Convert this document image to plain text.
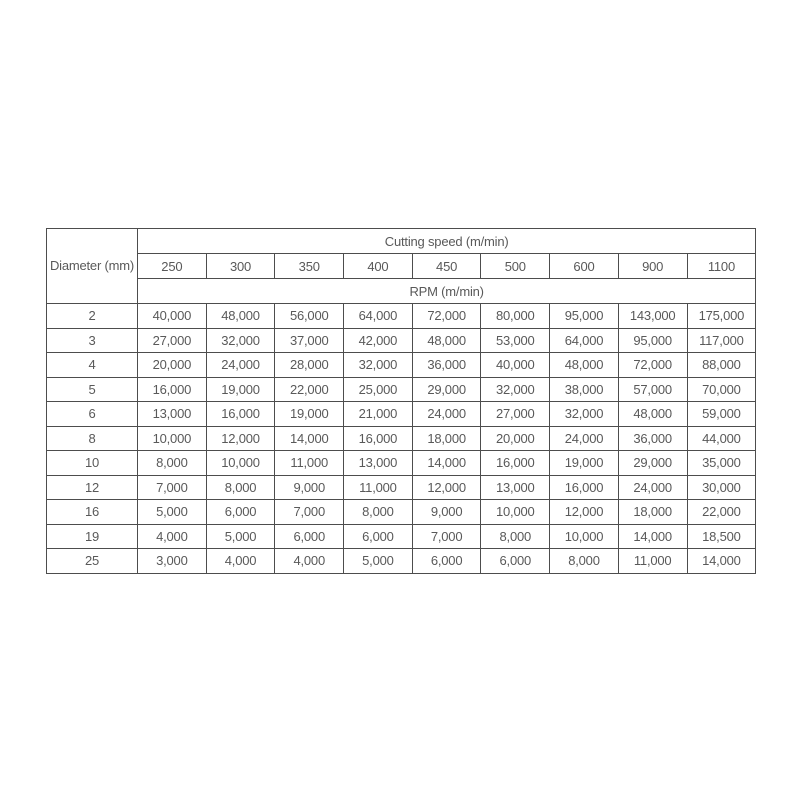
Diameter (mm)	Cutting speed (m/min)								
	250	300	350	400	450	500	600	900	1100
	RPM (m/min)								
2	40,000	48,000	56,000	64,000	72,000	80,000	95,000	143,000	175,000
3	27,000	32,000	37,000	42,000	48,000	53,000	64,000	95,000	117,000
4	20,000	24,000	28,000	32,000	36,000	40,000	48,000	72,000	88,000
5	16,000	19,000	22,000	25,000	29,000	32,000	38,000	57,000	70,000
6	13,000	16,000	19,000	21,000	24,000	27,000	32,000	48,000	59,000
8	10,000	12,000	14,000	16,000	18,000	20,000	24,000	36,000	44,000
10	8,000	10,000	11,000	13,000	14,000	16,000	19,000	29,000	35,000
12	7,000	8,000	9,000	11,000	12,000	13,000	16,000	24,000	30,000
16	5,000	6,000	7,000	8,000	9,000	10,000	12,000	18,000	22,000
19	4,000	5,000	6,000	6,000	7,000	8,000	10,000	14,000	18,500
25	3,000	4,000	4,000	5,000	6,000	6,000	8,000	11,000	14,000
